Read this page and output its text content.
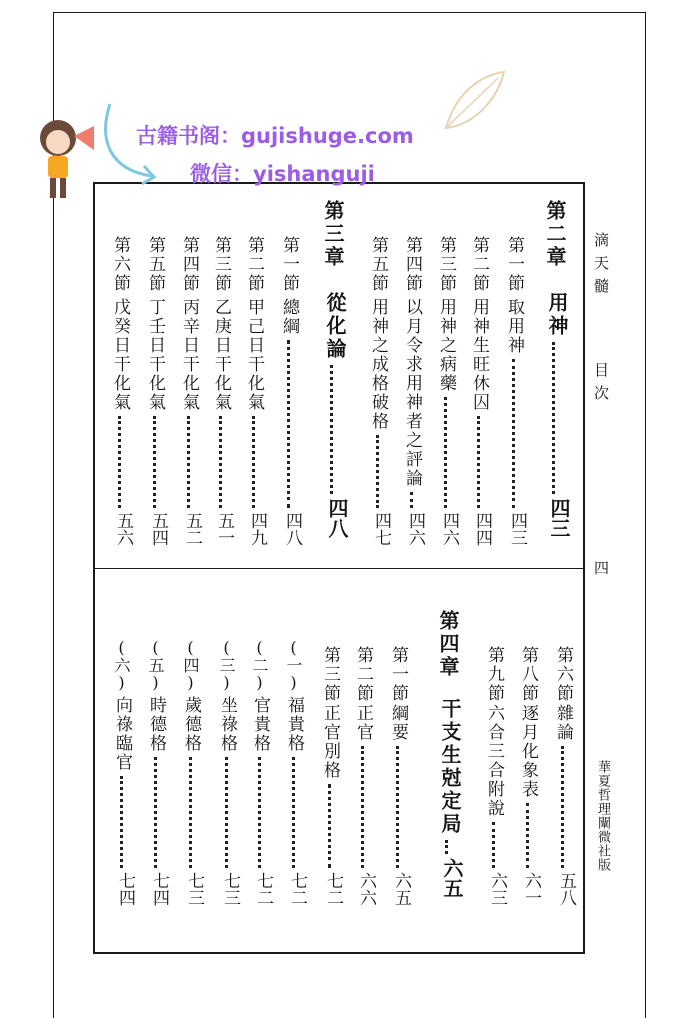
滴天髓
目次
四
華夏哲理闡微社版
第二章
用神
四三
第一節
取用神
四三
第二節
用神生旺休囚
四四
第三節
用神之病藥
四六
第四節
以月令求用神者之評論
四六
第五節
用神之成格破格
四七
第三章
從化論
四八
第一節
總綱
四八
第二節
甲己日干化氣
四九
第三節
乙庚日干化氣
五一
第四節
丙辛日干化氣
五二
第五節
丁壬日干化氣
五四
第六節
戊癸日干化氣
五六
第六節
雜論
五八
第八節
逐月化象表
六一
第九節
六合三合附說
六三
第四章
干支生尅定局
六五
第一節
綱要
六五
第二節
正官
六六
第三節
正官別格
七二
(一)
福貴格
七二
(二)
官貴格
七二
(三)
坐祿格
七三
(四)
歲德格
七三
(五)
時德格
七四
(六)
向祿臨官
七四
古籍书阁：gujishuge.com
微信：yishanguji
